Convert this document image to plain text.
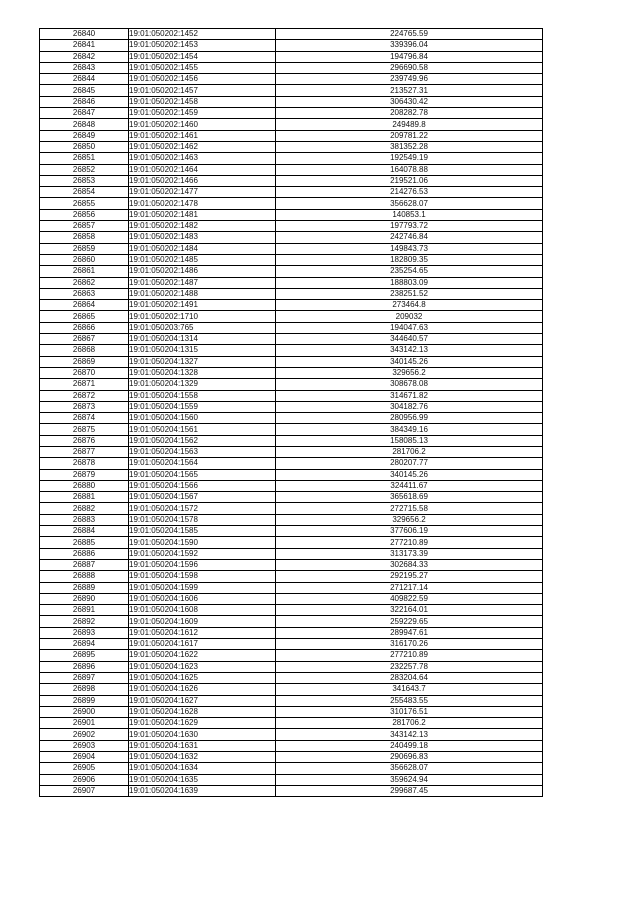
26840	19:01:050202:1452	224765.59
26841	19:01:050202:1453	339396.04
26842	19:01:050202:1454	194796.84
26843	19:01:050202:1455	296690.58
26844	19:01:050202:1456	239749.96
26845	19:01:050202:1457	213527.31
26846	19:01:050202:1458	306430.42
26847	19:01:050202:1459	208282.78
26848	19:01:050202:1460	249489.8
26849	19:01:050202:1461	209781.22
26850	19:01:050202:1462	381352.28
26851	19:01:050202:1463	192549.19
26852	19:01:050202:1464	164078.88
26853	19:01:050202:1466	219521.06
26854	19:01:050202:1477	214276.53
26855	19:01:050202:1478	356628.07
26856	19:01:050202:1481	140853.1
26857	19:01:050202:1482	197793.72
26858	19:01:050202:1483	242746.84
26859	19:01:050202:1484	149843.73
26860	19:01:050202:1485	182809.35
26861	19:01:050202:1486	235254.65
26862	19:01:050202:1487	188803.09
26863	19:01:050202:1488	238251.52
26864	19:01:050202:1491	273464.8
26865	19:01:050202:1710	209032
26866	19:01:050203:765	194047.63
26867	19:01:050204:1314	344640.57
26868	19:01:050204:1315	343142.13
26869	19:01:050204:1327	340145.26
26870	19:01:050204:1328	329656.2
26871	19:01:050204:1329	308678.08
26872	19:01:050204:1558	314671.82
26873	19:01:050204:1559	304182.76
26874	19:01:050204:1560	280956.99
26875	19:01:050204:1561	384349.16
26876	19:01:050204:1562	158085.13
26877	19:01:050204:1563	281706.2
26878	19:01:050204:1564	280207.77
26879	19:01:050204:1565	340145.26
26880	19:01:050204:1566	324411.67
26881	19:01:050204:1567	365618.69
26882	19:01:050204:1572	272715.58
26883	19:01:050204:1578	329656.2
26884	19:01:050204:1585	377606.19
26885	19:01:050204:1590	277210.89
26886	19:01:050204:1592	313173.39
26887	19:01:050204:1596	302684.33
26888	19:01:050204:1598	292195.27
26889	19:01:050204:1599	271217.14
26890	19:01:050204:1606	409822.59
26891	19:01:050204:1608	322164.01
26892	19:01:050204:1609	259229.65
26893	19:01:050204:1612	289947.61
26894	19:01:050204:1617	316170.26
26895	19:01:050204:1622	277210.89
26896	19:01:050204:1623	232257.78
26897	19:01:050204:1625	283204.64
26898	19:01:050204:1626	341643.7
26899	19:01:050204:1627	255483.55
26900	19:01:050204:1628	310176.51
26901	19:01:050204:1629	281706.2
26902	19:01:050204:1630	343142.13
26903	19:01:050204:1631	240499.18
26904	19:01:050204:1632	290696.83
26905	19:01:050204:1634	356628.07
26906	19:01:050204:1635	359624.94
26907	19:01:050204:1639	299687.45
